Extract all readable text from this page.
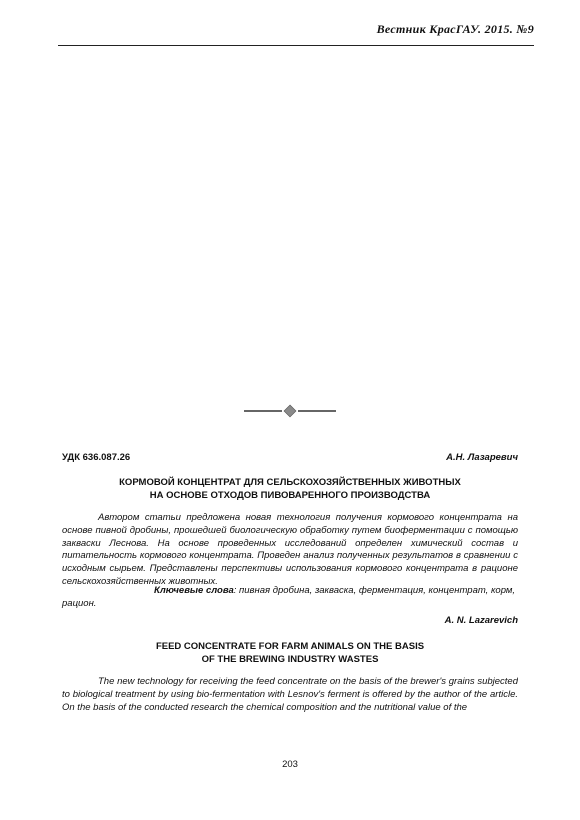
Вестник КрасГАУ. 2015. №9
УДК 636.087.26	А.Н. Лазаревич
КОРМОВОЙ КОНЦЕНТРАТ ДЛЯ СЕЛЬСКОХОЗЯЙСТВЕННЫХ ЖИВОТНЫХ
НА ОСНОВЕ ОТХОДОВ ПИВОВАРЕННОГО ПРОИЗВОДСТВА

Автором статьи предложена новая технология получения кормового концентрата на основе пивной дробины, прошедшей биологическую обработку путем биоферментации с помощью закваски Леснова. На основе проведенных исследований определен химический состав и питательность кормового концентрата. Проведен анализ полученных результатов в сравнении с исходным сырьем. Представлены перспективы использования кормового концентрата в рационе сельскохозяйственных животных.

Ключевые слова: пивная дробина, закваска, ферментация, концентрат, корм, рацион.

A. N. Lazarevich
FEED CONCENTRATE FOR FARM ANIMALS ON THE BASIS
OF THE BREWING INDUSTRY WASTES

The new technology for receiving the feed concentrate on the basis of the brewer's grains subjected to biological treatment by using bio-fermentation with Lesnov's ferment is offered by the author of the article. On the basis of the conducted research the chemical composition and the nutritional value of the

203
